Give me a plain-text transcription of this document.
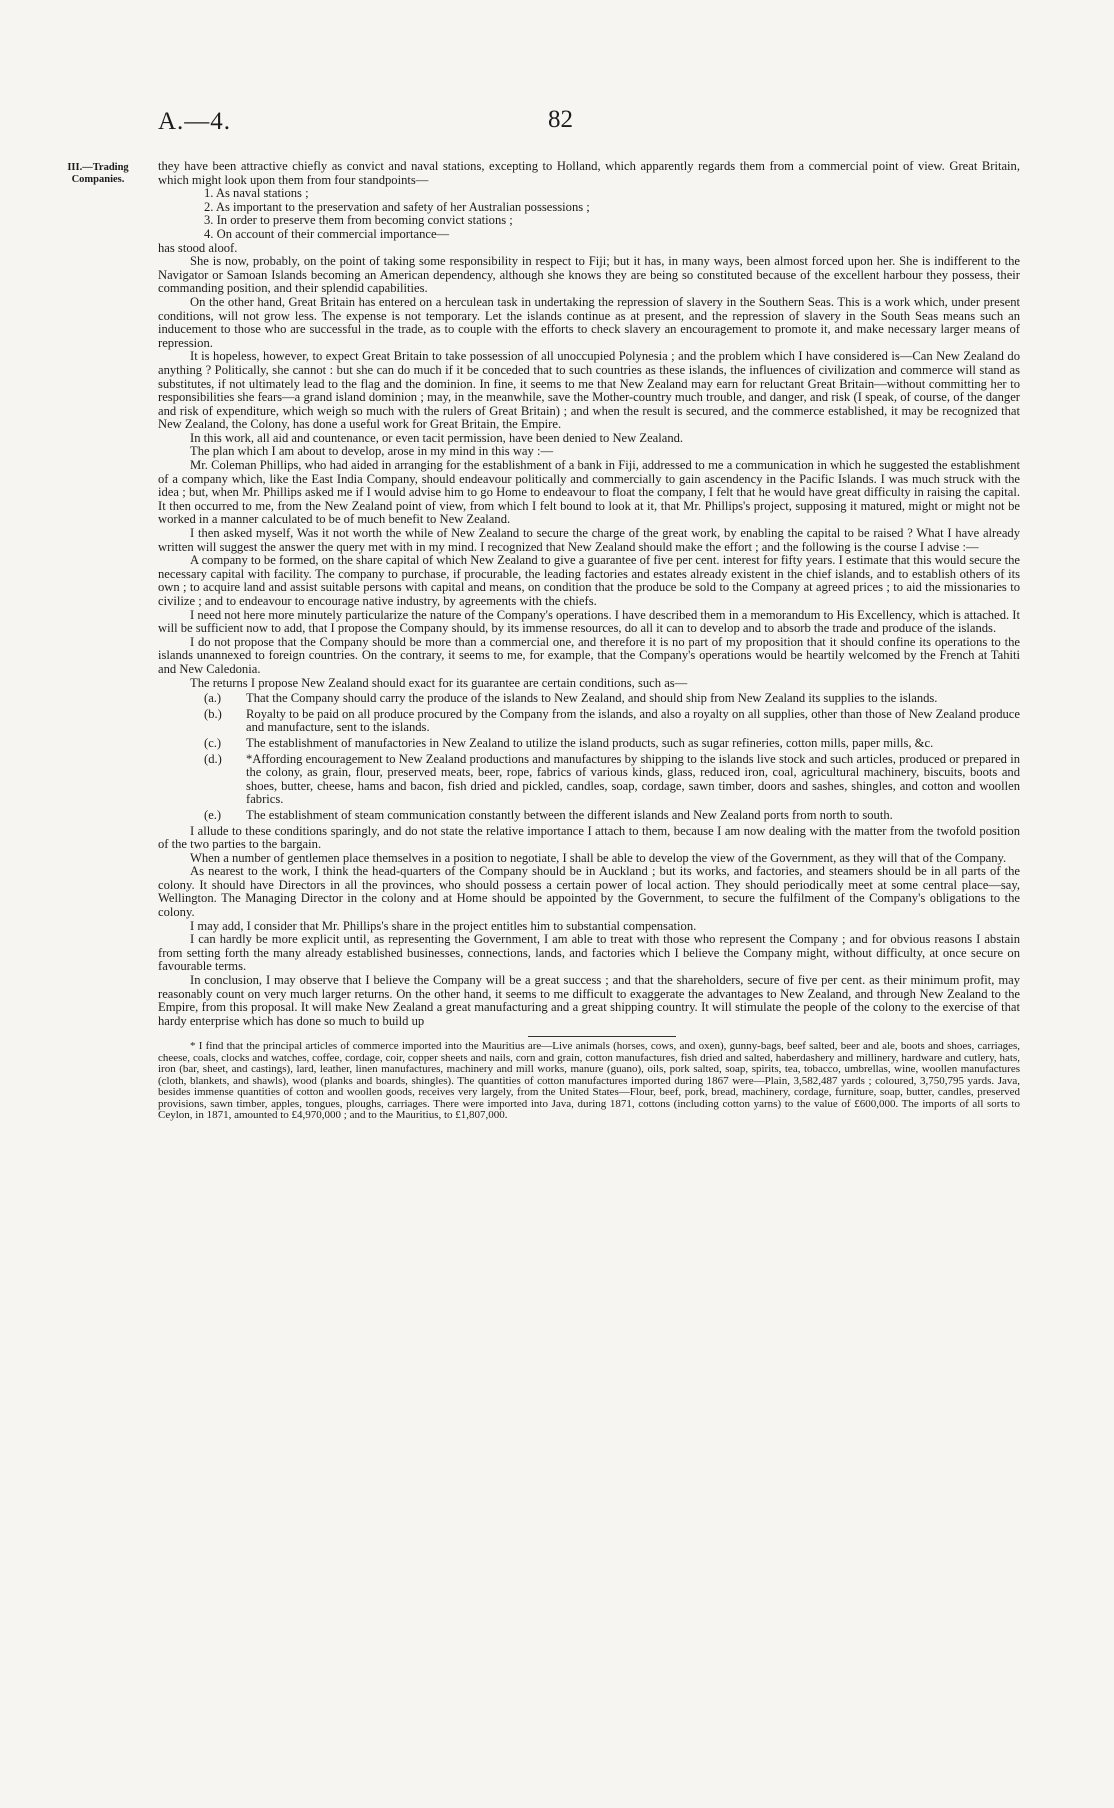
A.—4.	82
III.—Trading Companies.

they have been attractive chiefly as convict and naval stations, excepting to Holland, which apparently regards them from a commercial point of view. Great Britain, which might look upon them from four standpoints—

1. As naval stations ;
2. As important to the preservation and safety of her Australian possessions ;
3. In order to preserve them from becoming convict stations ;
4. On account of their commercial importance—

has stood aloof.

She is now, probably, on the point of taking some responsibility in respect to Fiji; but it has, in many ways, been almost forced upon her. She is indifferent to the Navigator or Samoan Islands becoming an American dependency, although she knows they are being so constituted because of the excellent harbour they possess, their commanding position, and their splendid capabilities.

On the other hand, Great Britain has entered on a herculean task in undertaking the repression of slavery in the Southern Seas. This is a work which, under present conditions, will not grow less. The expense is not temporary. Let the islands continue as at present, and the repression of slavery in the South Seas means such an inducement to those who are successful in the trade, as to couple with the efforts to check slavery an encouragement to promote it, and make necessary larger means of repression.

It is hopeless, however, to expect Great Britain to take possession of all unoccupied Polynesia ; and the problem which I have considered is—Can New Zealand do anything ? Politically, she cannot : but she can do much if it be conceded that to such countries as these islands, the influences of civilization and commerce will stand as substitutes, if not ultimately lead to the flag and the dominion. In fine, it seems to me that New Zealand may earn for reluctant Great Britain—without committing her to responsibilities she fears—a grand island dominion ; may, in the meanwhile, save the Mother-country much trouble, and danger, and risk (I speak, of course, of the danger and risk of expenditure, which weigh so much with the rulers of Great Britain) ; and when the result is secured, and the commerce established, it may be recognized that New Zealand, the Colony, has done a useful work for Great Britain, the Empire.

In this work, all aid and countenance, or even tacit permission, have been denied to New Zealand.

The plan which I am about to develop, arose in my mind in this way :—

Mr. Coleman Phillips, who had aided in arranging for the establishment of a bank in Fiji, addressed to me a communication in which he suggested the establishment of a company which, like the East India Company, should endeavour politically and commercially to gain ascendency in the Pacific Islands. I was much struck with the idea ; but, when Mr. Phillips asked me if I would advise him to go Home to endeavour to float the company, I felt that he would have great difficulty in raising the capital. It then occurred to me, from the New Zealand point of view, from which I felt bound to look at it, that Mr. Phillips's project, supposing it matured, might or might not be worked in a manner calculated to be of much benefit to New Zealand.

I then asked myself, Was it not worth the while of New Zealand to secure the charge of the great work, by enabling the capital to be raised ? What I have already written will suggest the answer the query met with in my mind. I recognized that New Zealand should make the effort ; and the following is the course I advise :—

A company to be formed, on the share capital of which New Zealand to give a guarantee of five per cent. interest for fifty years. I estimate that this would secure the necessary capital with facility. The company to purchase, if procurable, the leading factories and estates already existent in the chief islands, and to establish others of its own ; to acquire land and assist suitable persons with capital and means, on condition that the produce be sold to the Company at agreed prices ; to aid the missionaries to civilize ; and to endeavour to encourage native industry, by agreements with the chiefs.

I need not here more minutely particularize the nature of the Company's operations. I have described them in a memorandum to His Excellency, which is attached. It will be sufficient now to add, that I propose the Company should, by its immense resources, do all it can to develop and to absorb the trade and produce of the islands.

I do not propose that the Company should be more than a commercial one, and therefore it is no part of my proposition that it should confine its operations to the islands unannexed to foreign countries. On the contrary, it seems to me, for example, that the Company's operations would be heartily welcomed by the French at Tahiti and New Caledonia.

The returns I propose New Zealand should exact for its guarantee are certain conditions, such as—

(a.) That the Company should carry the produce of the islands to New Zealand, and should ship from New Zealand its supplies to the islands.
(b.) Royalty to be paid on all produce procured by the Company from the islands, and also a royalty on all supplies, other than those of New Zealand produce and manufacture, sent to the islands.
(c.) The establishment of manufactories in New Zealand to utilize the island products, such as sugar refineries, cotton mills, paper mills, &c.
(d.) *Affording encouragement to New Zealand productions and manufactures by shipping to the islands live stock and such articles, produced or prepared in the colony, as grain, flour, preserved meats, beer, rope, fabrics of various kinds, glass, reduced iron, coal, agricultural machinery, biscuits, boots and shoes, butter, cheese, hams and bacon, fish dried and pickled, candles, soap, cordage, sawn timber, doors and sashes, shingles, and cotton and woollen fabrics.
(e.) The establishment of steam communication constantly between the different islands and New Zealand ports from north to south.

I allude to these conditions sparingly, and do not state the relative importance I attach to them, because I am now dealing with the matter from the twofold position of the two parties to the bargain.

When a number of gentlemen place themselves in a position to negotiate, I shall be able to develop the view of the Government, as they will that of the Company.

As nearest to the work, I think the head-quarters of the Company should be in Auckland ; but its works, and factories, and steamers should be in all parts of the colony. It should have Directors in all the provinces, who should possess a certain power of local action. They should periodically meet at some central place—say, Wellington. The Managing Director in the colony and at Home should be appointed by the Government, to secure the fulfilment of the Company's obligations to the colony.

I may add, I consider that Mr. Phillips's share in the project entitles him to substantial compensation.

I can hardly be more explicit until, as representing the Government, I am able to treat with those who represent the Company ; and for obvious reasons I abstain from setting forth the many already established businesses, connections, lands, and factories which I believe the Company might, without difficulty, at once secure on favourable terms.

In conclusion, I may observe that I believe the Company will be a great success ; and that the shareholders, secure of five per cent. as their minimum profit, may reasonably count on very much larger returns. On the other hand, it seems to me difficult to exaggerate the advantages to New Zealand, and through New Zealand to the Empire, from this proposal. It will make New Zealand a great manufacturing and a great shipping country. It will stimulate the people of the colony to the exercise of that hardy enterprise which has done so much to build up

* I find that the principal articles of commerce imported into the Mauritius are—Live animals (horses, cows, and oxen), gunny-bags, beef salted, beer and ale, boots and shoes, carriages, cheese, coals, clocks and watches, coffee, cordage, coir, copper sheets and nails, corn and grain, cotton manufactures, fish dried and salted, haberdashery and millinery, hardware and cutlery, hats, iron (bar, sheet, and castings), lard, leather, linen manufactures, machinery and mill works, manure (guano), oils, pork salted, soap, spirits, tea, tobacco, umbrellas, wine, woollen manufactures (cloth, blankets, and shawls), wood (planks and boards, shingles). The quantities of cotton manufactures imported during 1867 were—Plain, 3,582,487 yards ; coloured, 3,750,795 yards. Java, besides immense quantities of cotton and woollen goods, receives very largely, from the United States—Flour, beef, pork, bread, machinery, cordage, furniture, soap, butter, candles, preserved provisions, sawn timber, apples, tongues, ploughs, carriages. There were imported into Java, during 1871, cottons (including cotton yarns) to the value of £600,000. The imports of all sorts to Ceylon, in 1871, amounted to £4,970,000 ; and to the Mauritius, to £1,807,000.
